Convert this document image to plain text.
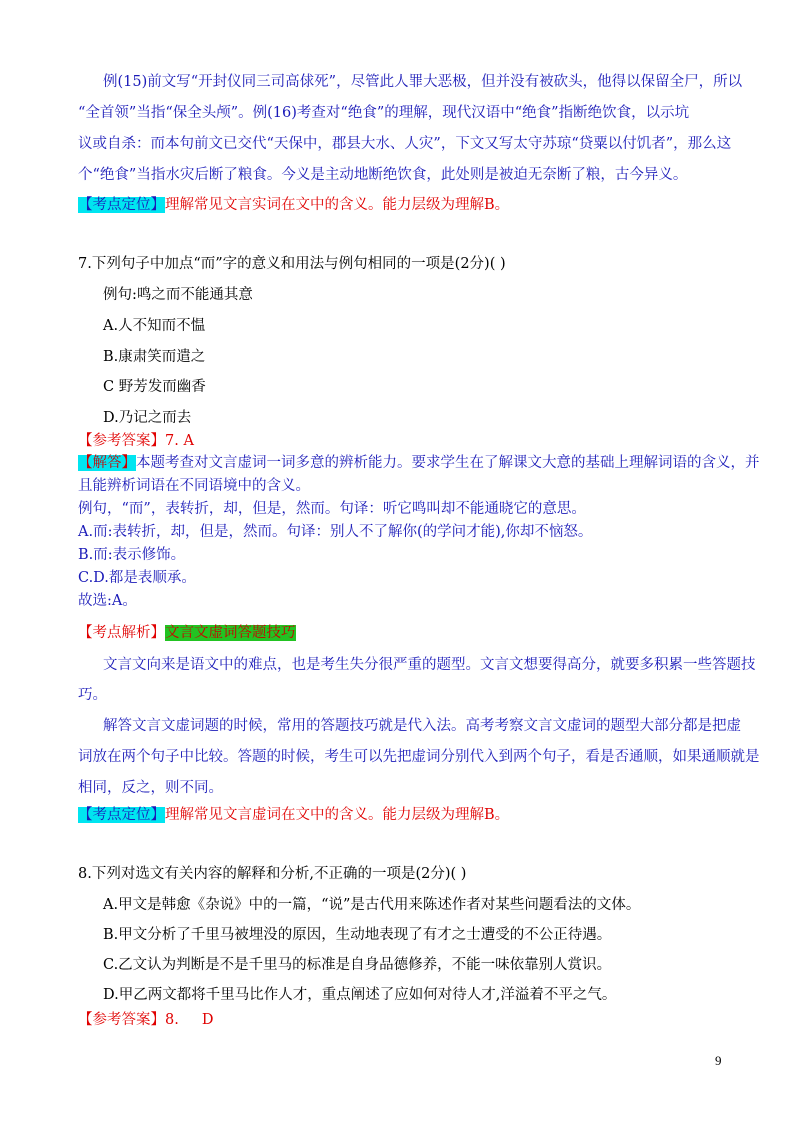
例(15)前文写“开封仪同三司高俅死”，尽管此人罪大恶极，但并没有被砍头，他得以保留全尸，所以
“全首领”当指“保全头颅”。例(16)考查对“绝食”的理解，现代汉语中“绝食”指断绝饮食，以示坑
议或自杀：而本句前文已交代“天保中，郡县大水、人灾”，下文又写太守苏琼“贷粟以付饥者”，那么这
个“绝食”当指水灾后断了粮食。今义是主动地断绝饮食，此处则是被迫无奈断了粮，古今异义。
【考点定位】理解常见文言实词在文中的含义。能力层级为理解B。
7.下列句子中加点“而”字的意义和用法与例句相同的一项是(2分)( )
例句:鸣之而不能通其意
A.人不知而不愠
B.康肃笑而遣之
C 野芳发而幽香
D.乃记之而去
【参考答案】7. A
【解答】本题考查对文言虚词一词多意的辨析能力。要求学生在了解课文大意的基础上理解词语的含义，并
且能辨析词语在不同语境中的含义。
例句，“而”，表转折，却，但是，然而。句译：听它鸣叫却不能通晓它的意思。
A.而:表转折，却，但是，然而。句译：别人不了解你(的学问才能),你却不恼怒。
B.而:表示修饰。
C.D.都是表顺承。
故选:A。
【考点解析】文言文虚词答题技巧
文言文向来是语文中的难点，也是考生失分很严重的题型。文言文想要得高分，就要多积累一些答题技
巧。
解答文言文虚词题的时候，常用的答题技巧就是代入法。高考考察文言文虚词的题型大部分都是把虚
词放在两个句子中比较。答题的时候，考生可以先把虚词分别代入到两个句子，看是否通顺，如果通顺就是
相同，反之，则不同。
【考点定位】理解常见文言虚词在文中的含义。能力层级为理解B。
8.下列对选文有关内容的解释和分析,不正确的一项是(2分)( )
A.甲文是韩愈《杂说》中的一篇，“说”是古代用来陈述作者对某些问题看法的文体。
B.甲文分析了千里马被埋没的原因，生动地表现了有才之士遭受的不公正待遇。
C.乙文认为判断是不是千里马的标准是自身品德修养，不能一味依靠别人赏识。
D.甲乙两文都将千里马比作人才，重点阐述了应如何对待人才,洋溢着不平之气。
【参考答案】8.     D
9
